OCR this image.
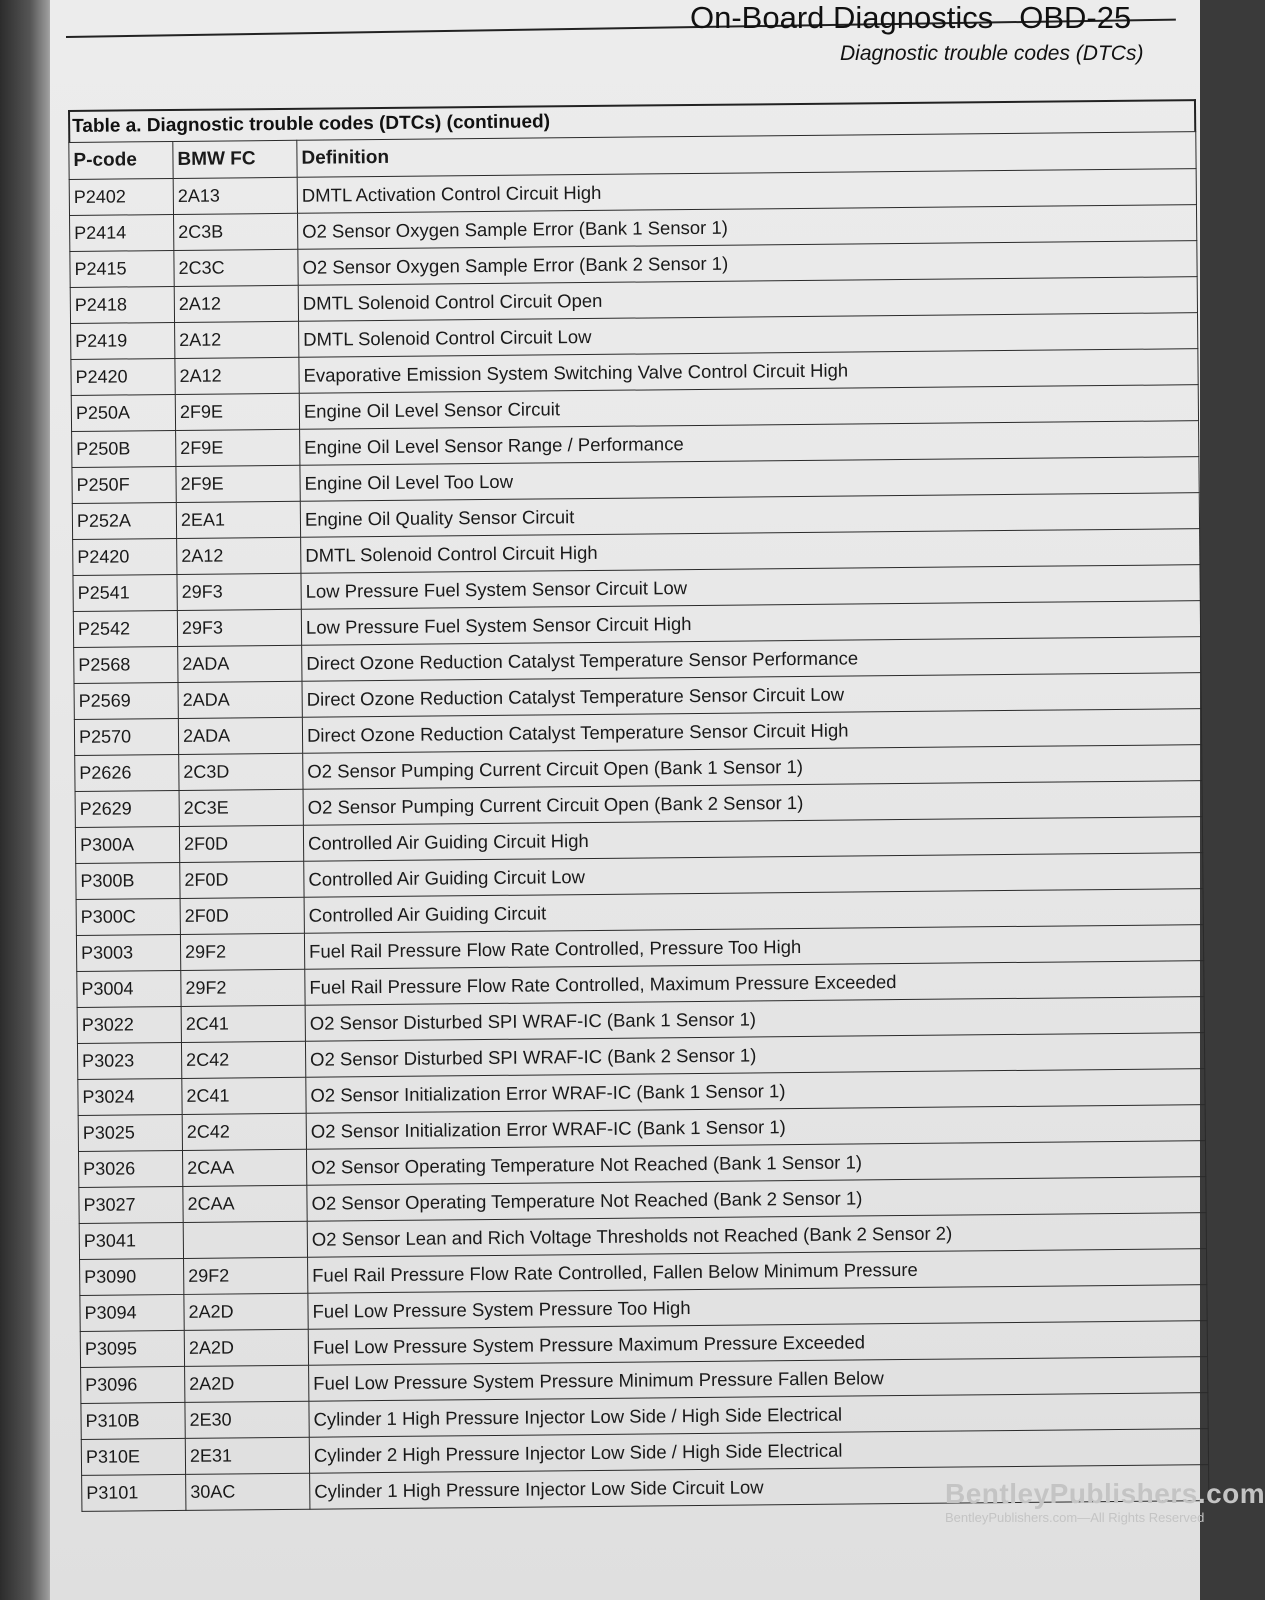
On-Board Diagnostics OBD-25
Diagnostic trouble codes (DTCs)
Table a. Diagnostic trouble codes (DTCs) (continued)
P-code	BMW FC	Definition
P2402	2A13	DMTL Activation Control Circuit High
P2414	2C3B	O2 Sensor Oxygen Sample Error (Bank 1 Sensor 1)
P2415	2C3C	O2 Sensor Oxygen Sample Error (Bank 2 Sensor 1)
P2418	2A12	DMTL Solenoid Control Circuit Open
P2419	2A12	DMTL Solenoid Control Circuit Low
P2420	2A12	Evaporative Emission System Switching Valve Control Circuit High
P250A	2F9E	Engine Oil Level Sensor Circuit
P250B	2F9E	Engine Oil Level Sensor Range / Performance
P250F	2F9E	Engine Oil Level Too Low
P252A	2EA1	Engine Oil Quality Sensor Circuit
P2420	2A12	DMTL Solenoid Control Circuit High
P2541	29F3	Low Pressure Fuel System Sensor Circuit Low
P2542	29F3	Low Pressure Fuel System Sensor Circuit High
P2568	2ADA	Direct Ozone Reduction Catalyst Temperature Sensor Performance
P2569	2ADA	Direct Ozone Reduction Catalyst Temperature Sensor Circuit Low
P2570	2ADA	Direct Ozone Reduction Catalyst Temperature Sensor Circuit High
P2626	2C3D	O2 Sensor Pumping Current Circuit Open (Bank 1 Sensor 1)
P2629	2C3E	O2 Sensor Pumping Current Circuit Open (Bank 2 Sensor 1)
P300A	2F0D	Controlled Air Guiding Circuit High
P300B	2F0D	Controlled Air Guiding Circuit Low
P300C	2F0D	Controlled Air Guiding Circuit
P3003	29F2	Fuel Rail Pressure Flow Rate Controlled, Pressure Too High
P3004	29F2	Fuel Rail Pressure Flow Rate Controlled, Maximum Pressure Exceeded
P3022	2C41	O2 Sensor Disturbed SPI WRAF-IC (Bank 1 Sensor 1)
P3023	2C42	O2 Sensor Disturbed SPI WRAF-IC (Bank 2 Sensor 1)
P3024	2C41	O2 Sensor Initialization Error WRAF-IC (Bank 1 Sensor 1)
P3025	2C42	O2 Sensor Initialization Error WRAF-IC (Bank 1 Sensor 1)
P3026	2CAA	O2 Sensor Operating Temperature Not Reached (Bank 1 Sensor 1)
P3027	2CAA	O2 Sensor Operating Temperature Not Reached (Bank 2 Sensor 1)
P3041		O2 Sensor Lean and Rich Voltage Thresholds not Reached (Bank 2 Sensor 2)
P3090	29F2	Fuel Rail Pressure Flow Rate Controlled, Fallen Below Minimum Pressure
P3094	2A2D	Fuel Low Pressure System Pressure Too High
P3095	2A2D	Fuel Low Pressure System Pressure Maximum Pressure Exceeded
P3096	2A2D	Fuel Low Pressure System Pressure Minimum Pressure Fallen Below
P310B	2E30	Cylinder 1 High Pressure Injector Low Side / High Side Electrical
P310E	2E31	Cylinder 2 High Pressure Injector Low Side / High Side Electrical
P3101	30AC	Cylinder 1 High Pressure Injector Low Side Circuit Low	BentleyPublishers.com
BentleyPublishers.com—All Rights Reserved
